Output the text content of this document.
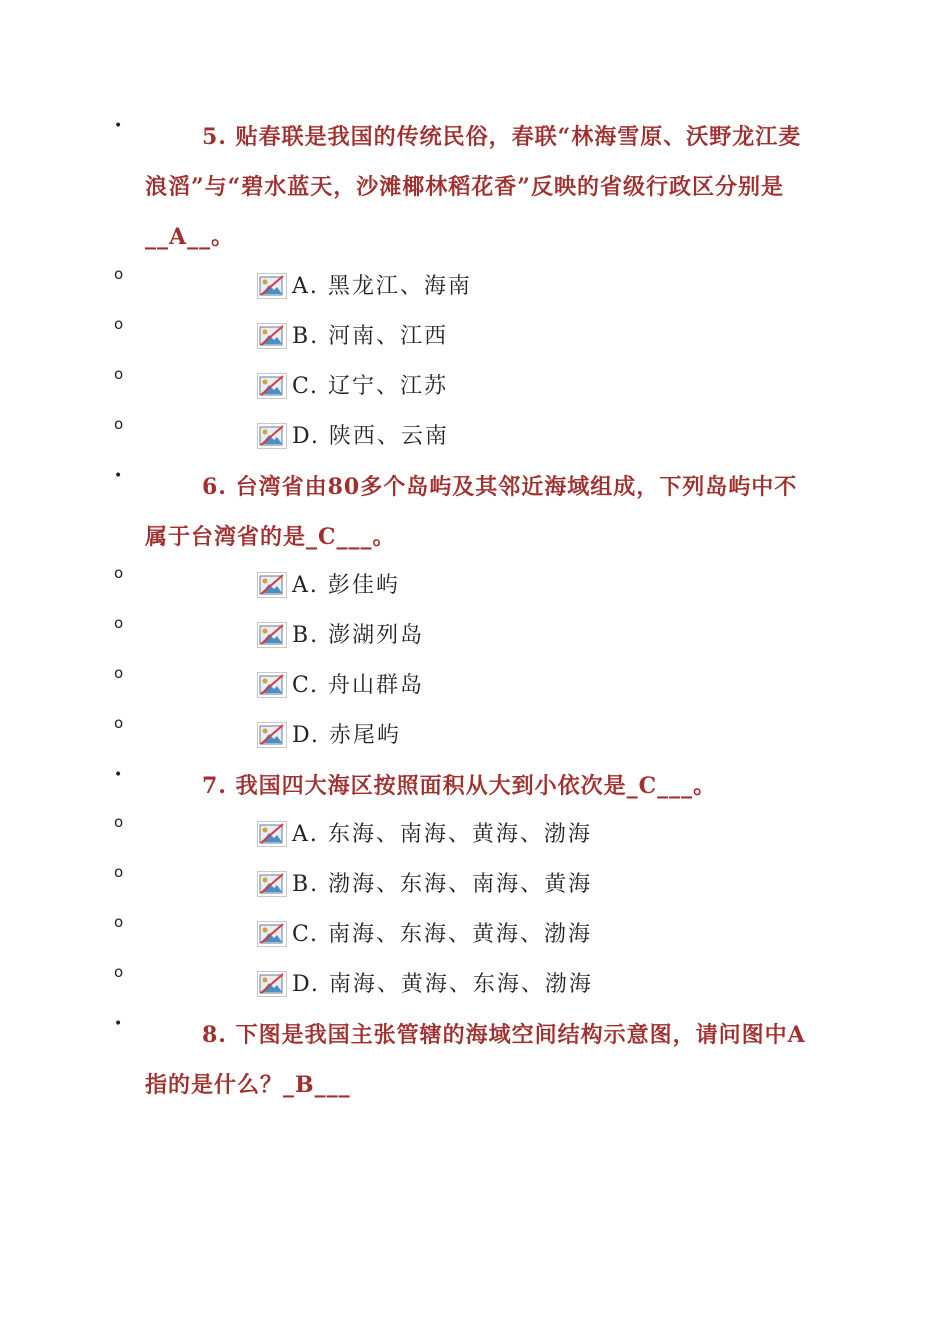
•	5. 贴春联是我国的传统民俗，春联“林海雪原、沃野龙江麦浪滔”与“碧水蓝天，沙滩椰林稻花香”反映的省级行政区分别是__A__。
o	A. 黑龙江、海南
o	B. 河南、江西
o	C. 辽宁、江苏
o	D. 陕西、云南
•	6. 台湾省由80多个岛屿及其邻近海域组成，下列岛屿中不属于台湾省的是_C___。
o	A. 彭佳屿
o	B. 澎湖列岛
o	C. 舟山群岛
o	D. 赤尾屿
•	7. 我国四大海区按照面积从大到小依次是_C___。
o	A. 东海、南海、黄海、渤海
o	B. 渤海、东海、南海、黄海
o	C. 南海、东海、黄海、渤海
o	D. 南海、黄海、东海、渤海
•	8. 下图是我国主张管辖的海域空间结构示意图，请问图中A指的是什么？_B___
